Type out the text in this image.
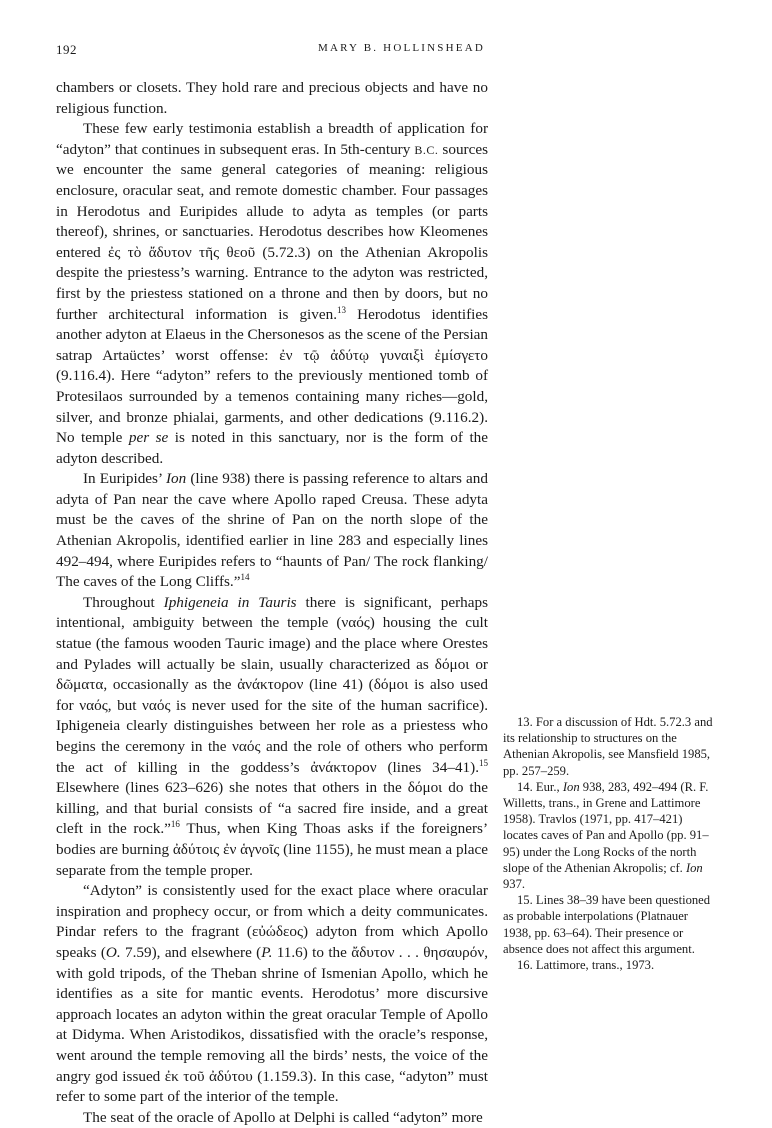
192	MARY B. HOLLINSHEAD

chambers or closets. They hold rare and precious objects and have no religious function.

These few early testimonia establish a breadth of application for “adyton” that continues in subsequent eras. In 5th-century B.C. sources we encounter the same general categories of meaning: religious enclosure, oracular seat, and remote domestic chamber. Four passages in Herodotus and Euripides allude to adyta as temples (or parts thereof), shrines, or sanctuaries. Herodotus describes how Kleomenes entered ἐς τὸ ἄδυτον τῆς θεοῦ (5.72.3) on the Athenian Akropolis despite the priestess’s warning. Entrance to the adyton was restricted, first by the priestess stationed on a throne and then by doors, but no further architectural information is given.$^{13}$ Herodotus identifies another adyton at Elaeus in the Chersonesos as the scene of the Persian satrap Artaüctes’ worst offense: ἐν τῷ ἀδύτῳ γυναιξὶ ἐμίσγετο (9.116.4). Here “adyton” refers to the previously mentioned tomb of Protesilaos surrounded by a temenos containing many riches—gold, silver, and bronze phialai, garments, and other dedications (9.116.2). No temple per se is noted in this sanctuary, nor is the form of the adyton described.

In Euripides’ Ion (line 938) there is passing reference to altars and adyta of Pan near the cave where Apollo raped Creusa. These adyta must be the caves of the shrine of Pan on the north slope of the Athenian Akropolis, identified earlier in line 283 and especially lines 492–494, where Euripides refers to “haunts of Pan/ The rock flanking/ The caves of the Long Cliffs.”$^{14}$

Throughout Iphigeneia in Tauris there is significant, perhaps intentional, ambiguity between the temple (ναός) housing the cult statue (the famous wooden Tauric image) and the place where Orestes and Pylades will actually be slain, usually characterized as δόμοι or δῶματα, occasionally as the ἀνάκτορον (line 41) (δόμοι is also used for ναός, but ναός is never used for the site of the human sacrifice). Iphigeneia clearly distinguishes between her role as a priestess who begins the ceremony in the ναός and the role of others who perform the act of killing in the goddess’s ἀνάκτορον (lines 34–41).$^{15}$ Elsewhere (lines 623–626) she notes that others in the δόμοι do the killing, and that burial consists of “a sacred fire inside, and a great cleft in the rock.”$^{16}$ Thus, when King Thoas asks if the foreigners’ bodies are burning ἀδύτοις ἐν ἁγνοῖς (line 1155), he must mean a place separate from the temple proper.

“Adyton” is consistently used for the exact place where oracular inspiration and prophecy occur, or from which a deity communicates. Pindar refers to the fragrant (εὐώδεος) adyton from which Apollo speaks (O. 7.59), and elsewhere (P. 11.6) to the ἄδυτον . . . θησαυρόν, with gold tripods, of the Theban shrine of Ismenian Apollo, which he identifies as a site for mantic events. Herodotus’ more discursive approach locates an adyton within the great oracular Temple of Apollo at Didyma. When Aristodikos, dissatisfied with the oracle’s response, went around the temple removing all the birds’ nests, the voice of the angry god issued ἐκ τοῦ ἀδύτου (1.159.3). In this case, “adyton” must refer to some part of the interior of the temple.

The seat of the oracle of Apollo at Delphi is called “adyton” more

13. For a discussion of Hdt. 5.72.3 and its relationship to structures on the Athenian Akropolis, see Mansfield 1985, pp. 257–259.

14. Eur., Ion 938, 283, 492–494 (R. F. Willetts, trans., in Grene and Lattimore 1958). Travlos (1971, pp. 417–421) locates caves of Pan and Apollo (pp. 91–95) under the Long Rocks of the north slope of the Athenian Akropolis; cf. Ion 937.

15. Lines 38–39 have been questioned as probable interpolations (Platnauer 1938, pp. 63–64). Their presence or absence does not affect this argument.

16. Lattimore, trans., 1973.
